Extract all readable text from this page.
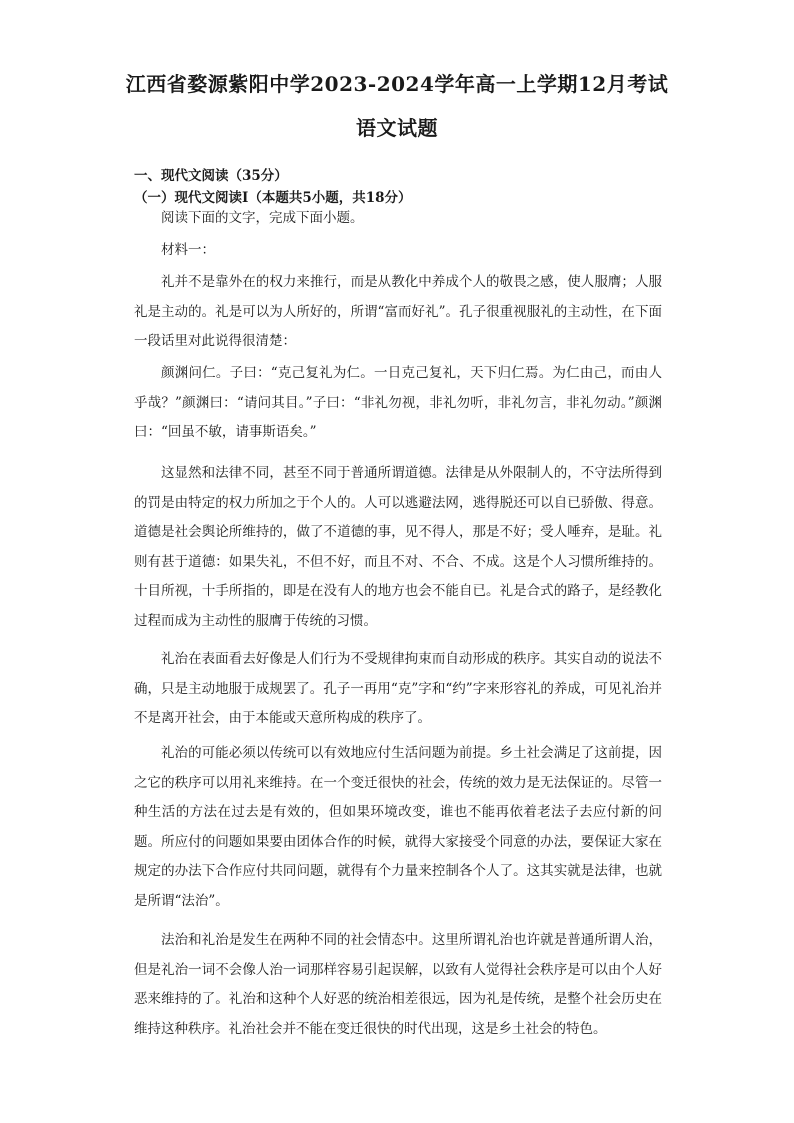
江西省婺源紫阳中学2023-2024学年高一上学期12月考试
语文试题
一、现代文阅读（35分）
（一）现代文阅读Ⅰ（本题共5小题，共18分）

阅读下面的文字，完成下面小题。

材料一：

礼并不是靠外在的权力来推行，而是从教化中养成个人的敬畏之感，使人服膺；人服礼是主动的。礼是可以为人所好的，所谓“富而好礼”。孔子很重视服礼的主动性，在下面一段话里对此说得很清楚：

颜渊问仁。子曰：“克己复礼为仁。一日克己复礼，天下归仁焉。为仁由己，而由人乎哉？”颜渊曰：“请问其目。”子曰：“非礼勿视，非礼勿听，非礼勿言，非礼勿动。”颜渊曰：“回虽不敏，请事斯语矣。”

这显然和法律不同，甚至不同于普通所谓道德。法律是从外限制人的，不守法所得到的罚是由特定的权力所加之于个人的。人可以逃避法网，逃得脱还可以自已骄傲、得意。道德是社会舆论所维持的，做了不道德的事，见不得人，那是不好；受人唾弃，是耻。礼则有甚于道德：如果失礼，不但不好，而且不对、不合、不成。这是个人习惯所维持的。十目所视，十手所指的，即是在没有人的地方也会不能自已。礼是合式的路子，是经教化过程而成为主动性的服膺于传统的习惯。

礼治在表面看去好像是人们行为不受规律拘束而自动形成的秩序。其实自动的说法不确，只是主动地服于成规罢了。孔子一再用“克”字和“约”字来形容礼的养成，可见礼治并不是离开社会，由于本能或天意所构成的秩序了。

礼治的可能必须以传统可以有效地应付生活问题为前提。乡土社会满足了这前提，因之它的秩序可以用礼来维持。在一个变迁很快的社会，传统的效力是无法保证的。尽管一种生活的方法在过去是有效的，但如果环境改变，谁也不能再依着老法子去应付新的问题。所应付的问题如果要由团体合作的时候，就得大家接受个同意的办法，要保证大家在规定的办法下合作应付共同问题，就得有个力量来控制各个人了。这其实就是法律，也就是所谓“法治”。

法治和礼治是发生在两种不同的社会情态中。这里所谓礼治也许就是普通所谓人治，但是礼治一词不会像人治一词那样容易引起误解，以致有人觉得社会秩序是可以由个人好恶来维持的了。礼治和这种个人好恶的统治相差很远，因为礼是传统，是整个社会历史在维持这种秩序。礼治社会并不能在变迁很快的时代出现，这是乡土社会的特色。
